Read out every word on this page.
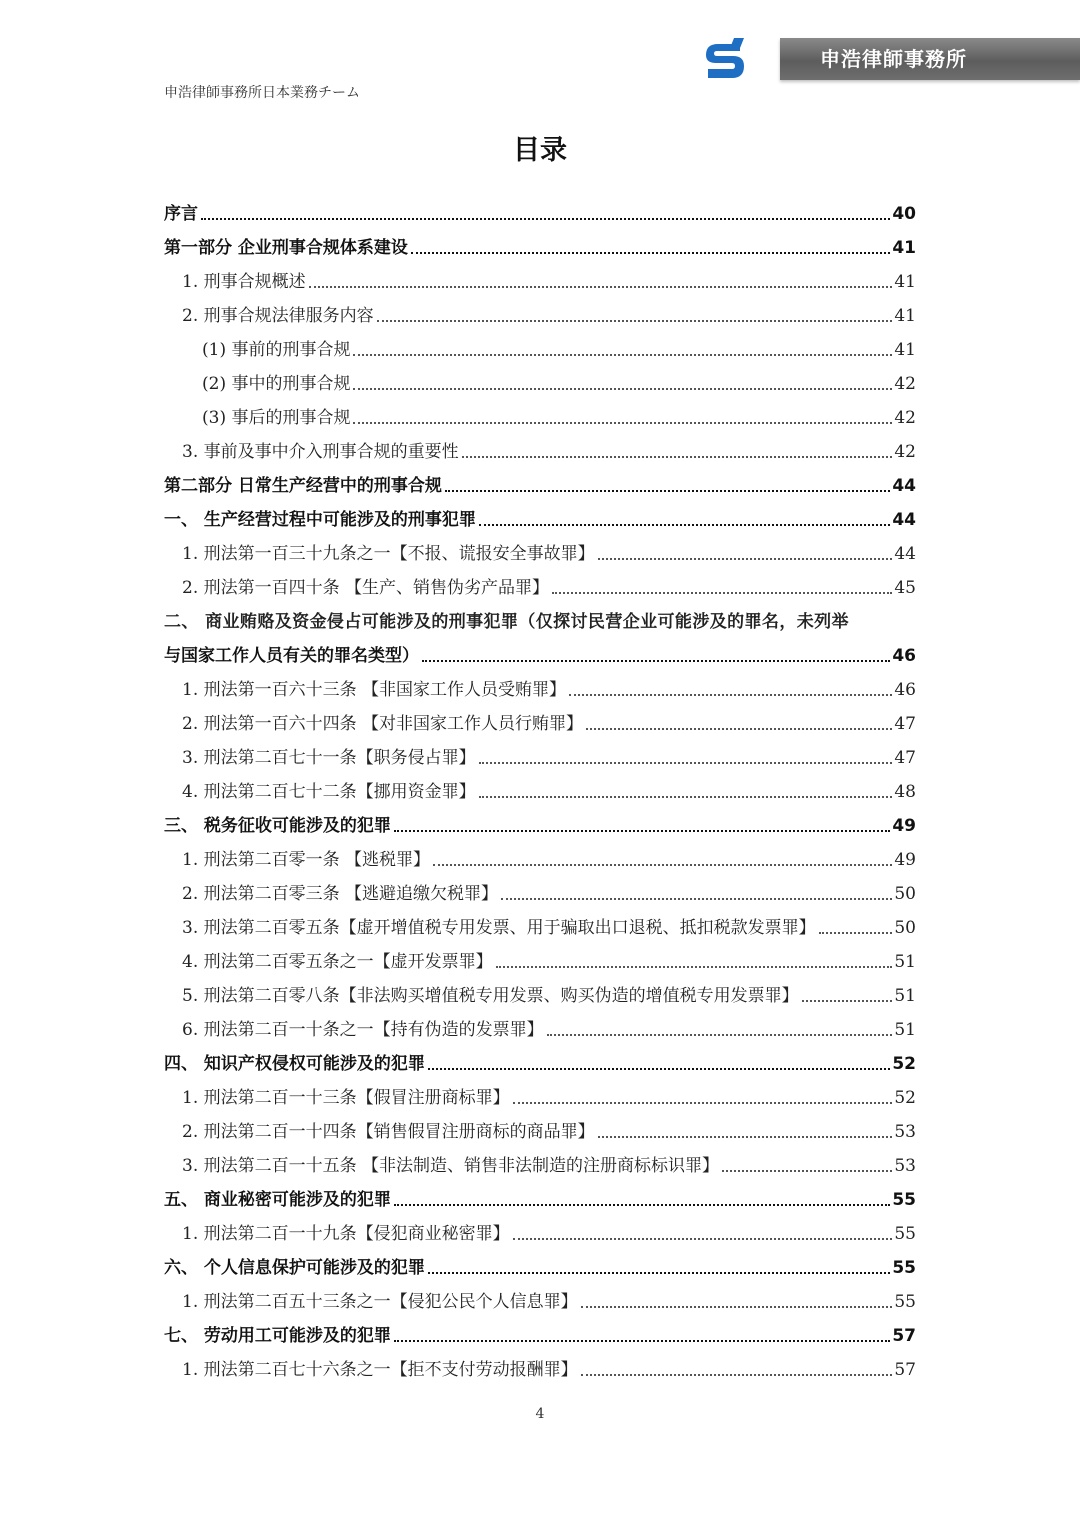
申浩律師事務所日本業務チーム
申浩律師事務所
目录
序言	40
第一部分 企业刑事合规体系建设	41
1. 刑事合规概述	41
2. 刑事合规法律服务内容	41
(1) 事前的刑事合规	41
(2) 事中的刑事合规	42
(3) 事后的刑事合规	42
3. 事前及事中介入刑事合规的重要性	42
第二部分 日常生产经营中的刑事合规	44
一、 生产经营过程中可能涉及的刑事犯罪	44
1. 刑法第一百三十九条之一【不报、谎报安全事故罪】	44
2. 刑法第一百四十条 【生产、销售伪劣产品罪】	45
二、 商业贿赂及资金侵占可能涉及的刑事犯罪（仅探讨民营企业可能涉及的罪名，未列举
与国家工作人员有关的罪名类型）	46
1. 刑法第一百六十三条 【非国家工作人员受贿罪】	46
2. 刑法第一百六十四条 【对非国家工作人员行贿罪】	47
3. 刑法第二百七十一条【职务侵占罪】	47
4. 刑法第二百七十二条【挪用资金罪】	48
三、 税务征收可能涉及的犯罪	49
1. 刑法第二百零一条 【逃税罪】	49
2. 刑法第二百零三条 【逃避追缴欠税罪】	50
3. 刑法第二百零五条【虚开增值税专用发票、用于骗取出口退税、抵扣税款发票罪】	50
4. 刑法第二百零五条之一【虚开发票罪】	51
5. 刑法第二百零八条【非法购买增值税专用发票、购买伪造的增值税专用发票罪】	51
6. 刑法第二百一十条之一【持有伪造的发票罪】	51
四、 知识产权侵权可能涉及的犯罪	52
1. 刑法第二百一十三条【假冒注册商标罪】	52
2. 刑法第二百一十四条【销售假冒注册商标的商品罪】	53
3. 刑法第二百一十五条 【非法制造、销售非法制造的注册商标标识罪】	53
五、 商业秘密可能涉及的犯罪	55
1. 刑法第二百一十九条【侵犯商业秘密罪】	55
六、 个人信息保护可能涉及的犯罪	55
1. 刑法第二百五十三条之一【侵犯公民个人信息罪】	55
七、 劳动用工可能涉及的犯罪	57
1. 刑法第二百七十六条之一【拒不支付劳动报酬罪】	57
4
